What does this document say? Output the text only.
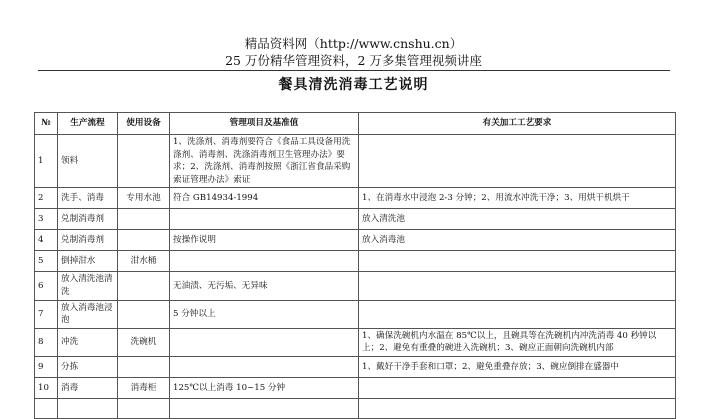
精品资料网（http://www.cnshu.cn）
25 万份精华管理资料，2 万多集管理视频讲座
餐具清洗消毒工艺说明
№	生产流程	使用设备	管理项目及基准值	有关加工工艺要求
1	领料		1、洗涤剂、消毒剂要符合《食品工具设备用洗涤剂、消毒剂、洗涤消毒剂卫生管理办法》要求；2、洗涤剂、消毒剂按照《浙江省食品采购索证管理办法》索证	
2	洗手、消毒	专用水池	符合 GB14934-1994	1、在消毒水中浸泡 2-3 分钟；2、用流水冲洗干净；3、用烘干机烘干
3	兑制消毒剂			放入清洗池
4	兑制消毒剂		按操作说明	放入消毒池
5	倒掉泔水	泔水桶		
6	放入清洗池清洗		无油渍、无污垢、无异味	
7	放入消毒池浸泡		5 分钟以上	
8	冲洗	洗碗机		1、确保洗碗机内水温在 85℃以上，且碗具等在洗碗机内冲洗消毒 40 秒钟以上；2、避免有重叠的碗进入洗碗机；3、碗应正面朝向洗碗机内部
9	分拣			1、戴好干净手套和口罩；2、避免重叠存放；3、碗应倒排在盛器中
10	消毒	消毒柜	125℃以上消毒 10~15 分钟	
